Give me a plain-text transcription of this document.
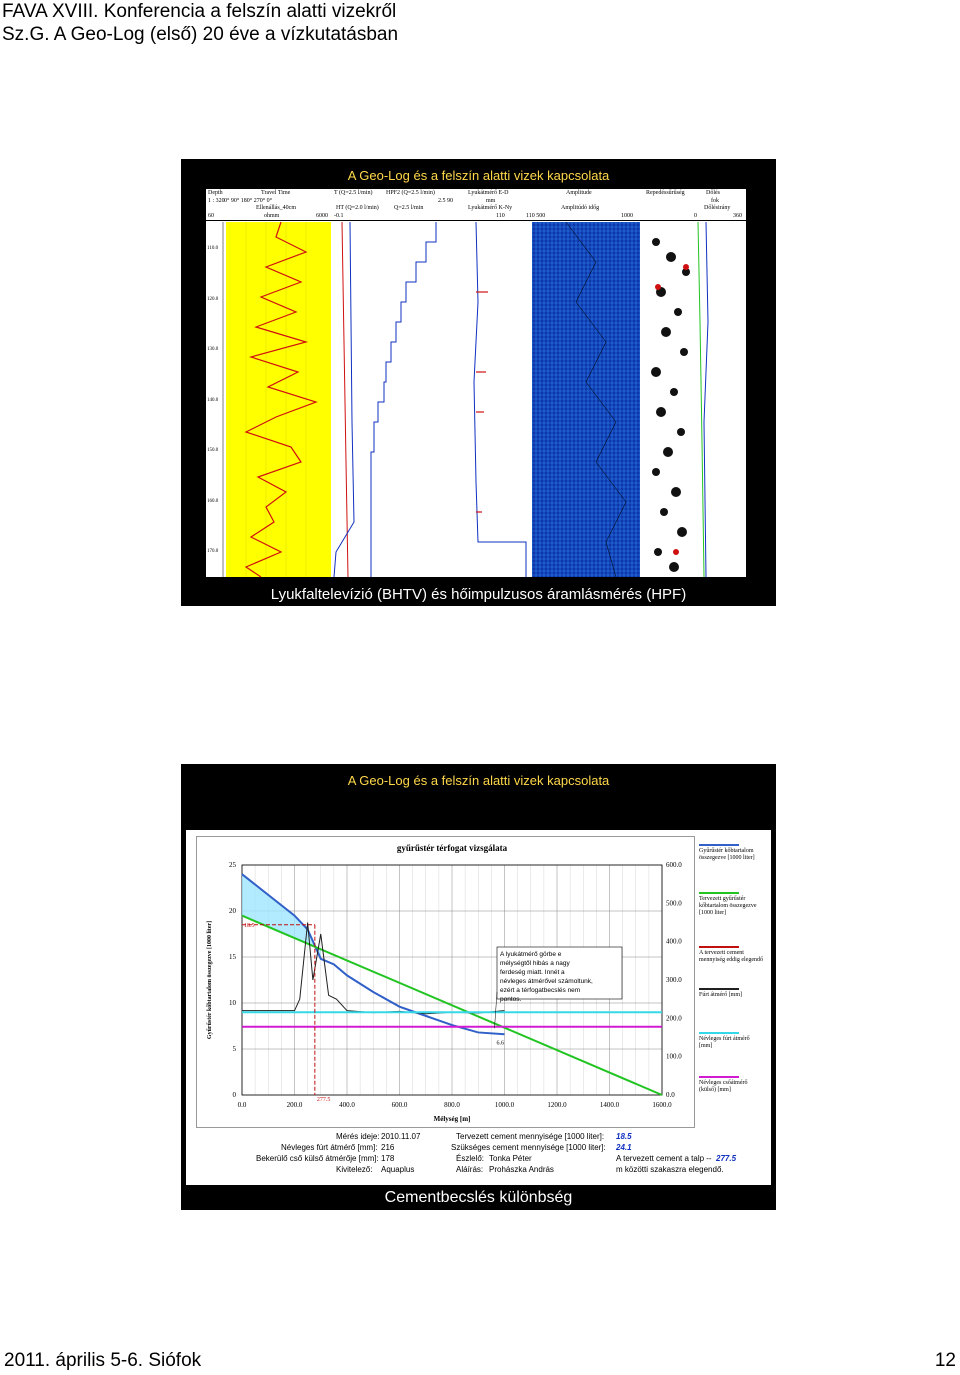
FAVA XVIII. Konferencia a felszín alatti vizekről Sz.G. A Geo-Log (első) 20 éve a vízkutatásban
A Geo-Log és a felszín alatti vizek kapcsolata
Depth
1 : 320
Travel Time
0° 90° 180° 270° 0°
Ellenállás_40cm
60	ohmm	6000
T (Q=2.5 l/min)
HT (Q=2.0 l/min)
-0.1
HPF2 (Q=2.5 l/min)
Q=2.5 l/min
2.5 90
Lyukátmérő E-D
Lyukátmérő K-Ny
mm
110
Amplitude
Amplitúdó időg
110 500	1000
Repedéssűrűség
0
Dőlés
Dőlésirány
fok
360
110.0
120.0
130.0
140.0
150.0
160.0
170.0
Lyukfaltelevízió (BHTV) és hőimpulzusos áramlásmérés (HPF)
A Geo-Log és a felszín alatti vizek kapcsolata
gyűrűstér térfogat vizsgálata
0.0	200.0	400.0	600.0	800.0	1000.0	1200.0	1400.0	1600.0
0
5
10
15
20
25
0.0
100.0
200.0
300.0
400.0
500.0
600.0
Mélység [m]
Gyűrűstér kőbtartalom összegezve [1000 liter]	18.5
277.5
6.6
A lyukátmérő görbe e
mélységtől hibás a nagy
ferdeség miatt. Innét a
névleges átmérővel számoltunk,
ezért a térfogatbecslés nem
pontos.
Gyűrűstér kőbtartalom összegezve [1000 liter]
Tervezett gyűrűstér kőbtartalom összegezve [1000 liter]
A tervezett cement mennyiség eddig elegendő
Fúrt átmérő [mm]
Névleges fúrt átmérő [mm]
Névleges csőátmérő (külső) [mm]
Mérés ideje: 2010.11.07
Névleges fúrt átmérő [mm]: 216
Bekerülő cső külső átmérője [mm]: 178
Kivitelező: Aquaplus
Tervezett cement mennyisége [1000 liter]: 18.5
Szükséges cement mennyisége [1000 liter]: 24.1
Észlelő: Tonka Péter
Aláírás: Prohászka András
A tervezett cement a talp -- 277.5
m közötti szakaszra elegendő.
Cementbecslés különbség
2011. április 5-6. Siófok	12
